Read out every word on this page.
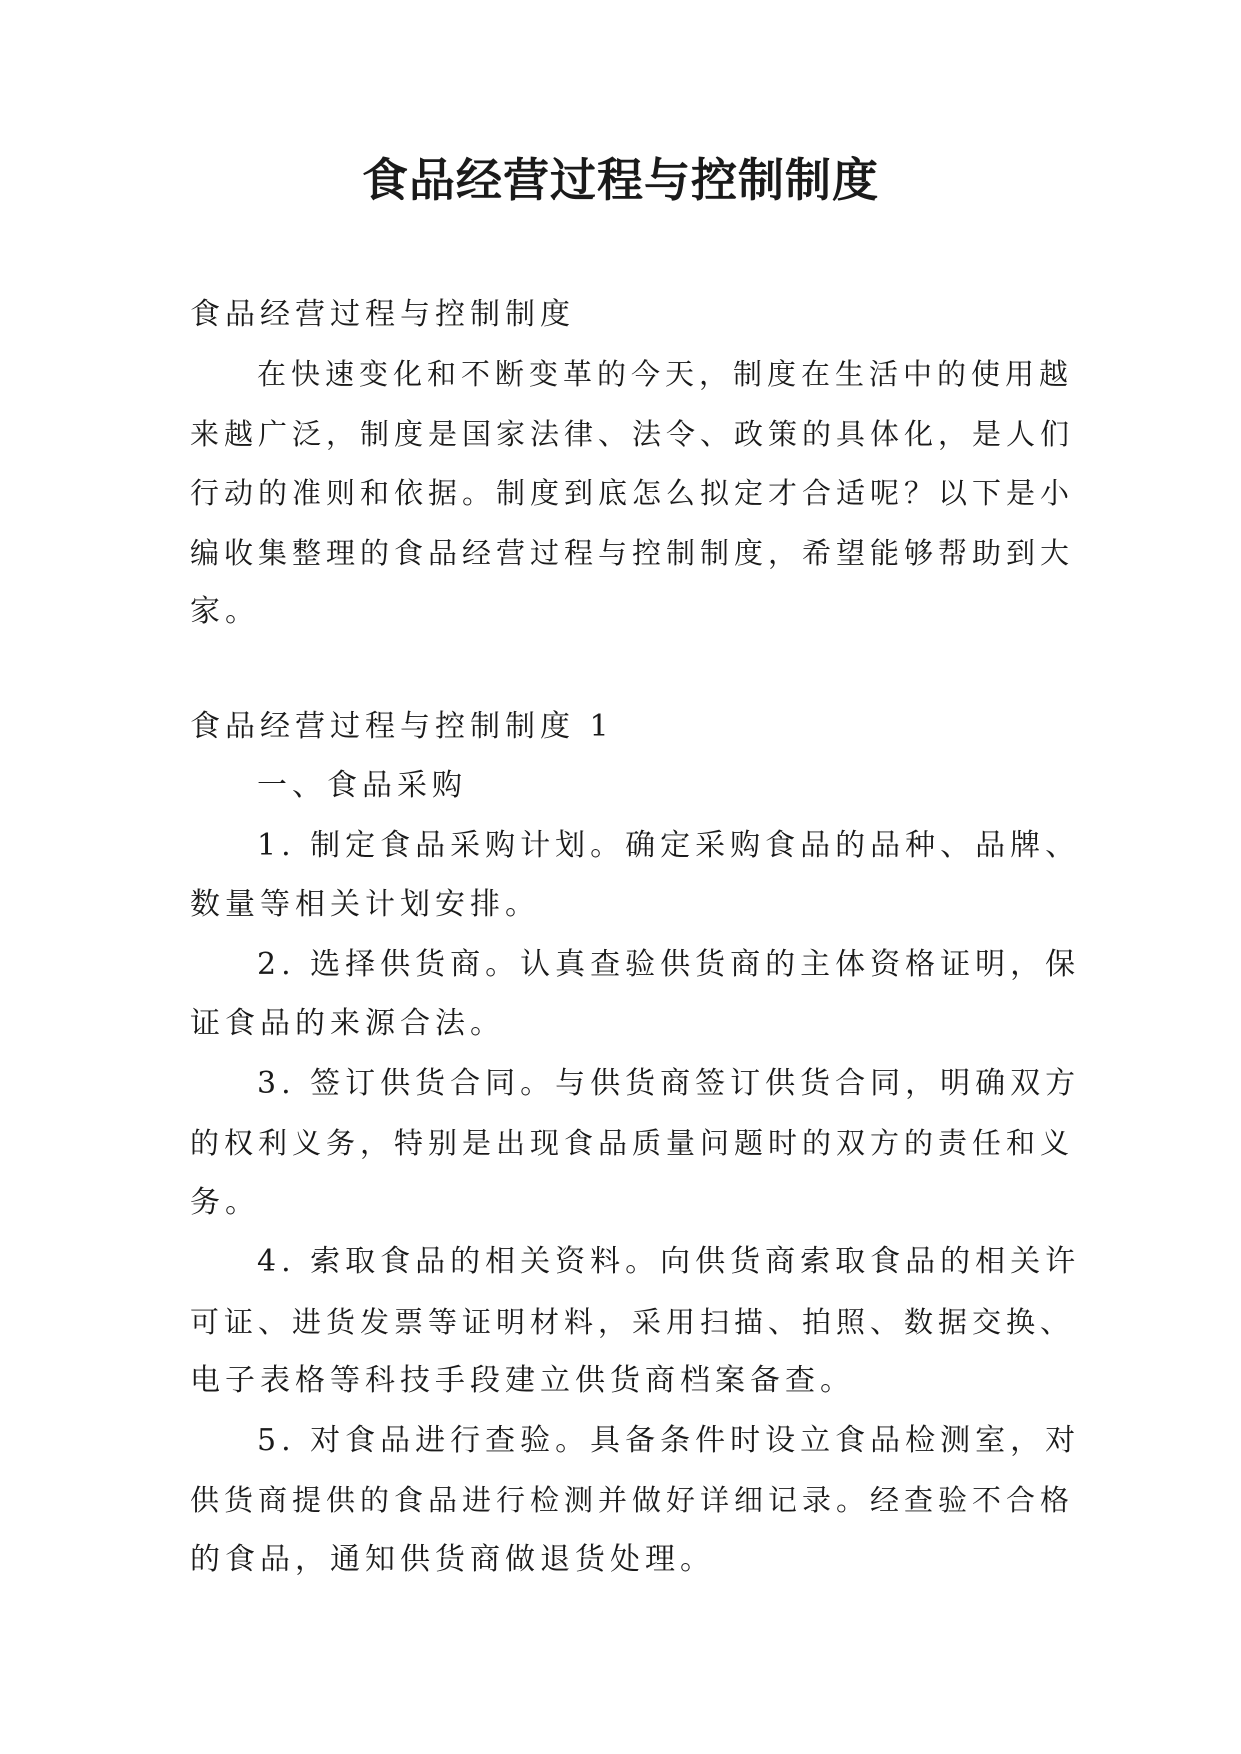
食品经营过程与控制制度
食品经营过程与控制制度
在快速变化和不断变革的今天，制度在生活中的使用越
来越广泛，制度是国家法律、法令、政策的具体化，是人们
行动的准则和依据。制度到底怎么拟定才合适呢？以下是小
编收集整理的食品经营过程与控制制度，希望能够帮助到大
家。
食品经营过程与控制制度 1
一、食品采购
1. 制定食品采购计划。确定采购食品的品种、品牌、
数量等相关计划安排。
2. 选择供货商。认真查验供货商的主体资格证明，保
证食品的来源合法。
3. 签订供货合同。与供货商签订供货合同，明确双方
的权利义务，特别是出现食品质量问题时的双方的责任和义
务。
4. 索取食品的相关资料。向供货商索取食品的相关许
可证、进货发票等证明材料，采用扫描、拍照、数据交换、
电子表格等科技手段建立供货商档案备查。
5. 对食品进行查验。具备条件时设立食品检测室，对
供货商提供的食品进行检测并做好详细记录。经查验不合格
的食品，通知供货商做退货处理。
